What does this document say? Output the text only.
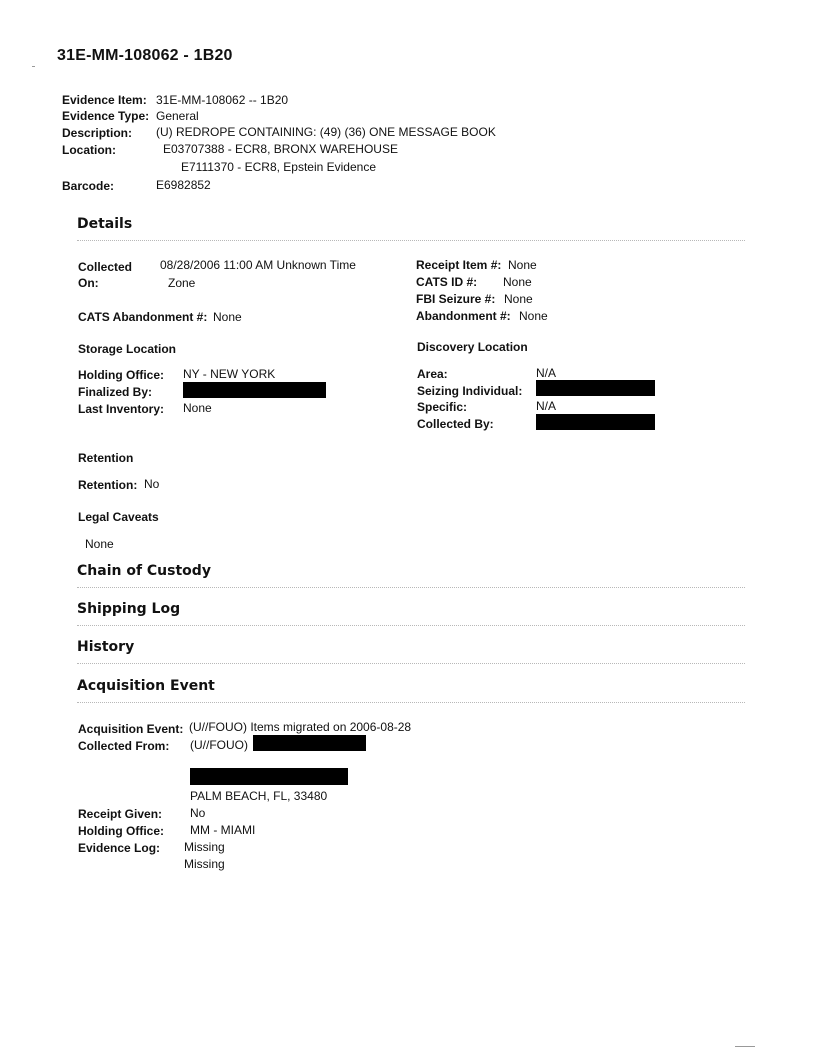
31E-MM-108062 - 1B20
Evidence Item: 31E-MM-108062 -- 1B20
Evidence Type: General
Description: (U) REDROPE CONTAINING: (49) (36) ONE MESSAGE BOOK
Location:	E03707388 - ECR8, BRONX WAREHOUSE
E7111370 - ECR8, Epstein Evidence
Barcode:	E6982852
Details
Collected
On:
08/28/2006 11:00 AM Unknown Time
Zone
Receipt Item #: None
CATS ID #: None
FBI Seizure #: None
CATS Abandonment #: None	Abandonment #: None
Storage Location
Holding Office: NY - NEW YORK
Finalized By:
Last Inventory: None
Discovery Location
Area:	N/A
Seizing Individual:
Specific:	N/A
Collected By:
Retention
Retention: No
Legal Caveats
None
Chain of Custody
Shipping Log
History
Acquisition Event
Acquisition Event: (U//FOUO) Items migrated on 2006-08-28
Collected From: (U//FOUO)
PALM BEACH, FL, 33480
Receipt Given: No
Holding Office: MM - MIAMI
Evidence Log: Missing
Missing
